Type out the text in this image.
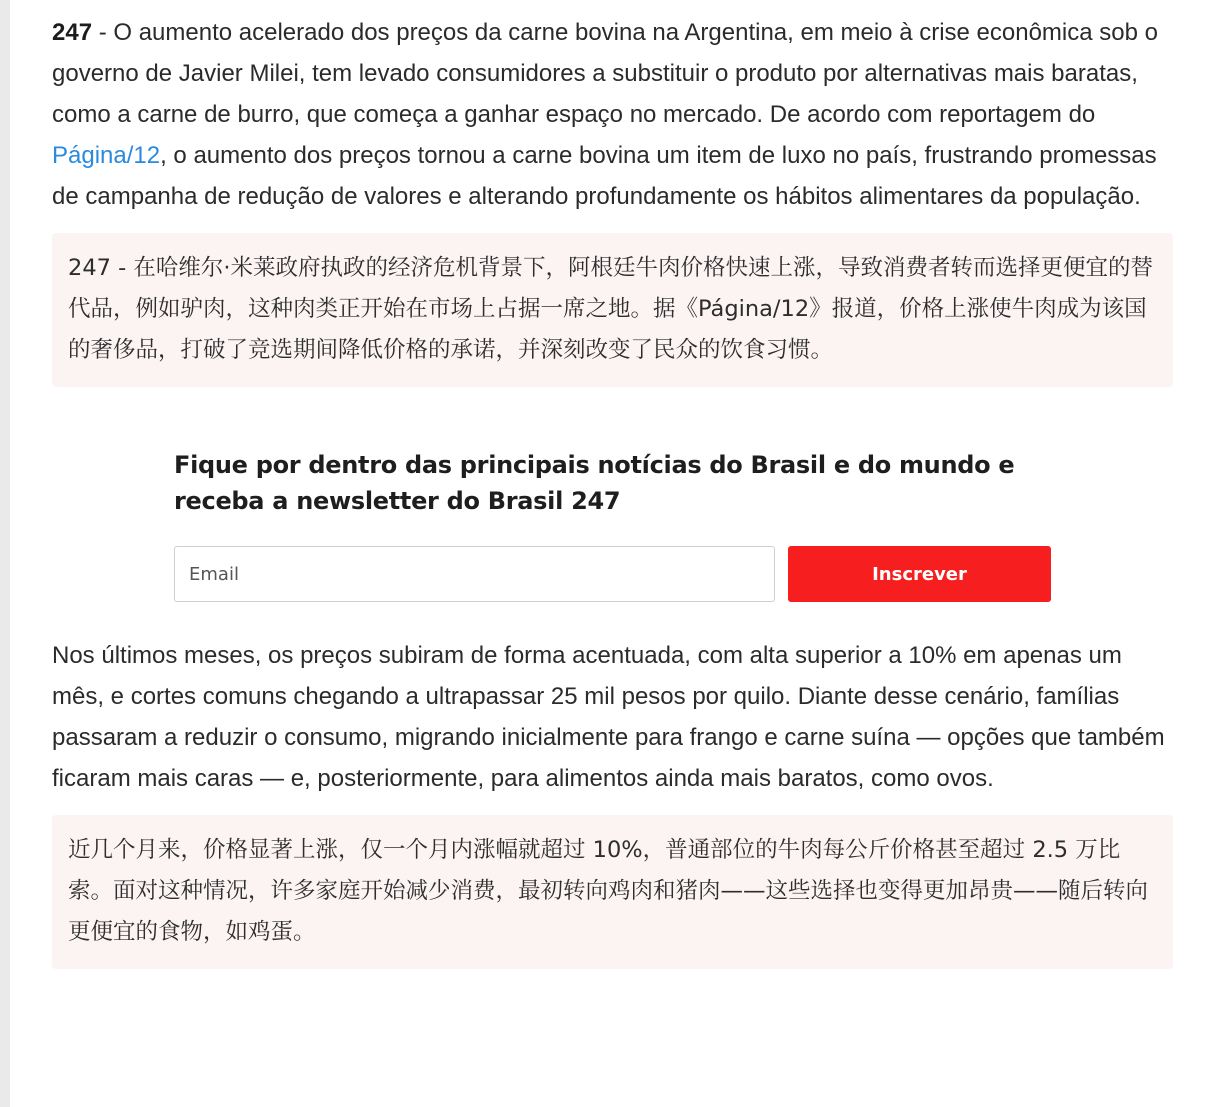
247 - O aumento acelerado dos preços da carne bovina na Argentina, em meio à crise econômica sob o governo de Javier Milei, tem levado consumidores a substituir o produto por alternativas mais baratas, como a carne de burro, que começa a ganhar espaço no mercado. De acordo com reportagem do Página/12, o aumento dos preços tornou a carne bovina um item de luxo no país, frustrando promessas de campanha de redução de valores e alterando profundamente os hábitos alimentares da população.

247 - 在哈维尔·米莱政府执政的经济危机背景下，阿根廷牛肉价格快速上涨，导致消费者转而选择更便宜的替代品，例如驴肉，这种肉类正开始在市场上占据一席之地。据《Página/12》报道，价格上涨使牛肉成为该国的奢侈品，打破了竞选期间降低价格的承诺，并深刻改变了民众的饮食习惯。

Fique por dentro das principais notícias do Brasil e do mundo e receba a newsletter do Brasil 247

Email
Inscrever

Nos últimos meses, os preços subiram de forma acentuada, com alta superior a 10% em apenas um mês, e cortes comuns chegando a ultrapassar 25 mil pesos por quilo. Diante desse cenário, famílias passaram a reduzir o consumo, migrando inicialmente para frango e carne suína — opções que também ficaram mais caras — e, posteriormente, para alimentos ainda mais baratos, como ovos.

近几个月来，价格显著上涨，仅一个月内涨幅就超过 10%，普通部位的牛肉每公斤价格甚至超过 2.5 万比索。面对这种情况，许多家庭开始减少消费，最初转向鸡肉和猪肉——这些选择也变得更加昂贵——随后转向更便宜的食物，如鸡蛋。
